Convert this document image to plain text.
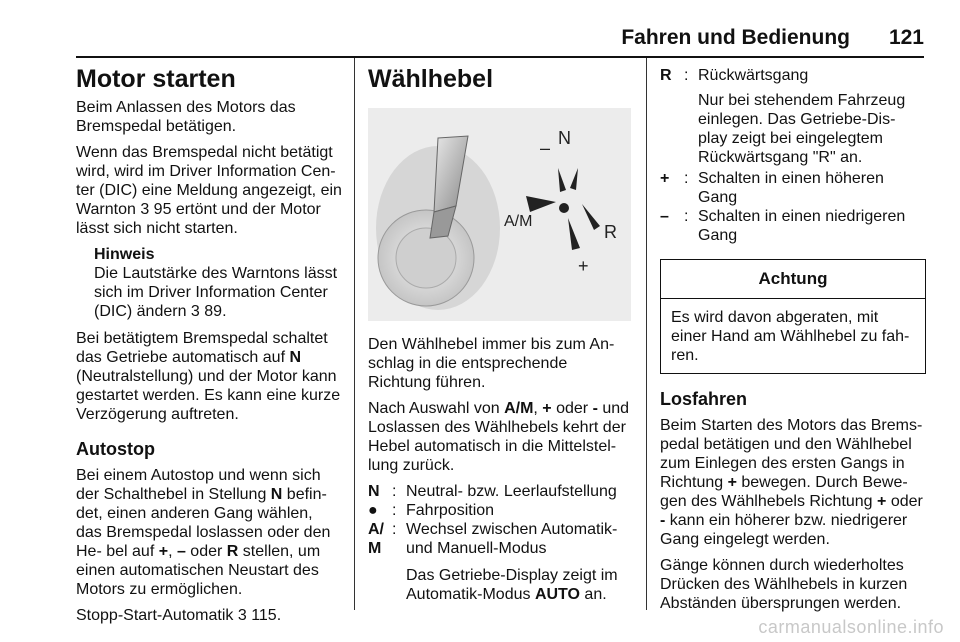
Fahren und Bedienung 121
Motor starten

Beim Anlassen des Motors das Bremspedal betätigen.

Wenn das Bremspedal nicht betätigt wird, wird im Driver Information Cen- ter (DIC) eine Meldung angezeigt, ein Warnton 3 95 ertönt und der Motor lässt sich nicht starten.

Hinweis
Die Lautstärke des Warntons lässt sich im Driver Information Center (DIC) ändern 3 89.

Bei betätigtem Bremspedal schaltet das Getriebe automatisch auf N (Neutralstellung) und der Motor kann gestartet werden. Es kann eine kurze Verzögerung auftreten.

Autostop

Bei einem Autostop und wenn sich der Schalthebel in Stellung N befin- det, einen anderen Gang wählen, das Bremspedal loslassen oder den He- bel auf +, – oder R stellen, um einen automatischen Neustart des Motors zu ermöglichen.

Stopp-Start-Automatik 3 115.

Wählhebel
– N
A/M
+
R

Den Wählhebel immer bis zum An- schlag in die entsprechende Richtung führen.

Nach Auswahl von A/M, + oder - und Loslassen des Wählhebels kehrt der Hebel automatisch in die Mittelstel- lung zurück.

N : Neutral- bzw. Leerlaufstellung
● : Fahrposition
A/ M
: Wechsel zwischen Automatik- und Manuell-Modus

Das Getriebe-Display zeigt im Automatik-Modus AUTO an.

R : Rückwärtsgang

Nur bei stehendem Fahrzeug einlegen. Das Getriebe-Dis- play zeigt bei eingelegtem Rückwärtsgang "R" an.

+ : Schalten in einen höheren Gang
– : Schalten in einen niedrigeren Gang
Achtung
Es wird davon abgeraten, mit einer Hand am Wählhebel zu fah- ren.
Losfahren

Beim Starten des Motors das Brems- pedal betätigen und den Wählhebel zum Einlegen des ersten Gangs in Richtung + bewegen. Durch Bewe- gen des Wählhebels Richtung + oder - kann ein höherer bzw. niedrigerer Gang eingelegt werden.

Gänge können durch wiederholtes Drücken des Wählhebels in kurzen Abständen übersprungen werden.

carmanualsonline.info
